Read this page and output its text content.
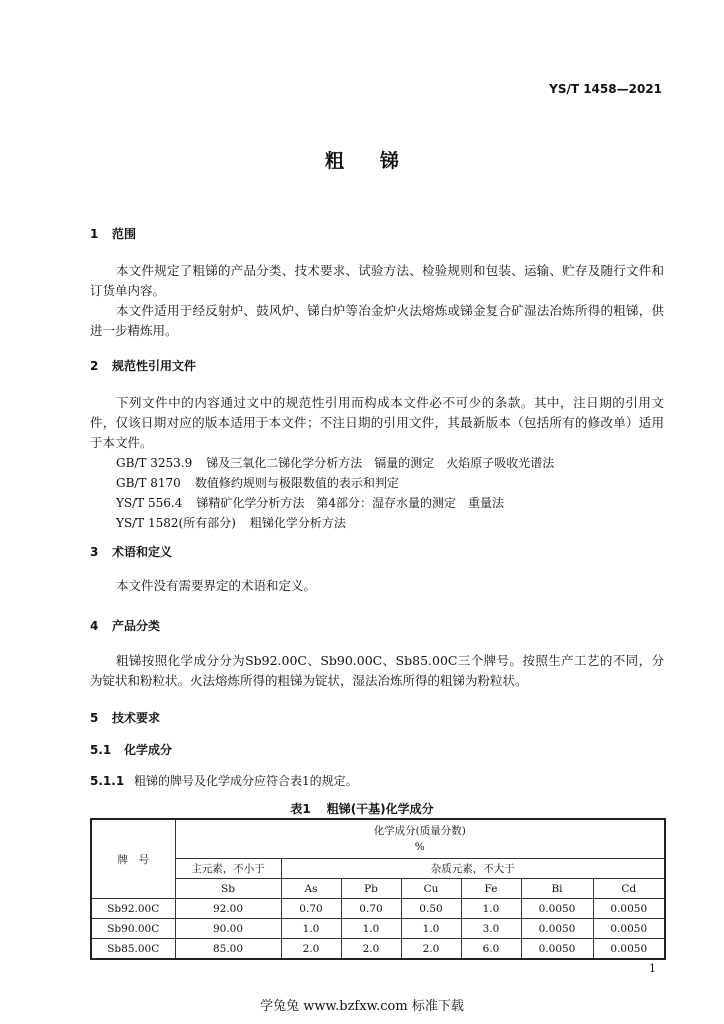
YS/T 1458—2021
粗锑
1 范围
本文件规定了粗锑的产品分类、技术要求、试验方法、检验规则和包装、运输、贮存及随行文件和订货单内容。
本文件适用于经反射炉、鼓风炉、锑白炉等冶金炉火法熔炼或锑金复合矿湿法冶炼所得的粗锑，供进一步精炼用。
2 规范性引用文件
下列文件中的内容通过文中的规范性引用而构成本文件必不可少的条款。其中，注日期的引用文件，仅该日期对应的版本适用于本文件；不注日期的引用文件，其最新版本（包括所有的修改单）适用于本文件。
GB/T 3253.9 锑及三氧化二锑化学分析方法　镉量的测定　火焰原子吸收光谱法
GB/T 8170 数值修约规则与极限数值的表示和判定
YS/T 556.4 锑精矿化学分析方法　第4部分：湿存水量的测定　重量法
YS/T 1582(所有部分) 粗锑化学分析方法
3 术语和定义
本文件没有需要界定的术语和定义。
4 产品分类
粗锑按照化学成分分为Sb92.00C、Sb90.00C、Sb85.00C三个牌号。按照生产工艺的不同，分为锭状和粉粒状。火法熔炼所得的粗锑为锭状，湿法冶炼所得的粗锑为粉粒状。
5 技术要求
5.1 化学成分
5.1.1 粗锑的牌号及化学成分应符合表1的规定。
表1 粗锑(干基)化学成分
牌　号	化学成分(质量分数)
%						

	主元素，不小于	杂质元素，不大于					
	Sb	As	Pb	Cu	Fe	Bi	Cd
Sb92.00C	92.00	0.70	0.70	0.50	1.0	0.0050	0.0050
Sb90.00C	90.00	1.0	1.0	1.0	3.0	0.0050	0.0050
Sb85.00C	85.00	2.0	2.0	2.0	6.0	0.0050	0.0050
1
学兔兔 www.bzfxw.com 标准下载
